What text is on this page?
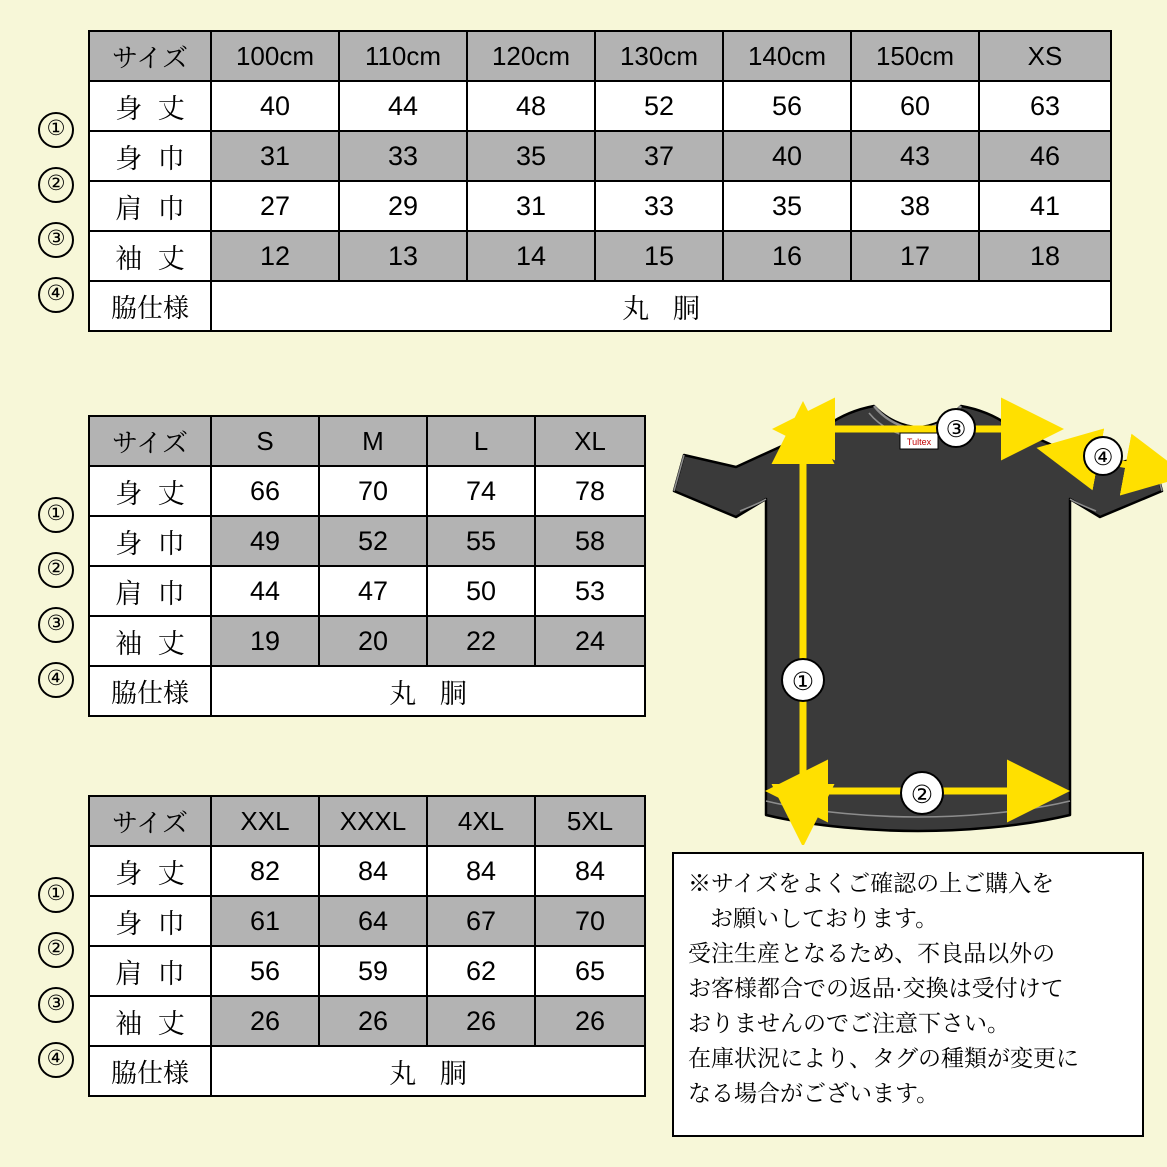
サイズ	100cm	110cm	120cm	130cm	140cm	150cm	XS
身 丈	40	44	48	52	56	60	63
身 巾	31	33	35	37	40	43	46
肩 巾	27	29	31	33	35	38	41
袖 丈	12	13	14	15	16	17	18
脇仕様	丸 胴						
①
②
③
④
サイズ	S	M	L	XL
身 丈	66	70	74	78
身 巾	49	52	55	58
肩 巾	44	47	50	53
袖 丈	19	20	22	24
脇仕様	丸 胴			
①
②
③
④
サイズ	XXL	XXXL	4XL	5XL
身 丈	82	84	84	84
身 巾	61	64	67	70
肩 巾	56	59	62	65
袖 丈	26	26	26	26
脇仕様	丸 胴			
①
②
③
④
Tultex ③
④
①
②
※サイズをよくご確認の上ご購入を
お願いしております。
受注生産となるため、不良品以外の
お客様都合での返品·交換は受付けて
おりませんのでご注意下さい。
在庫状況により、タグの種類が変更に
なる場合がございます。
